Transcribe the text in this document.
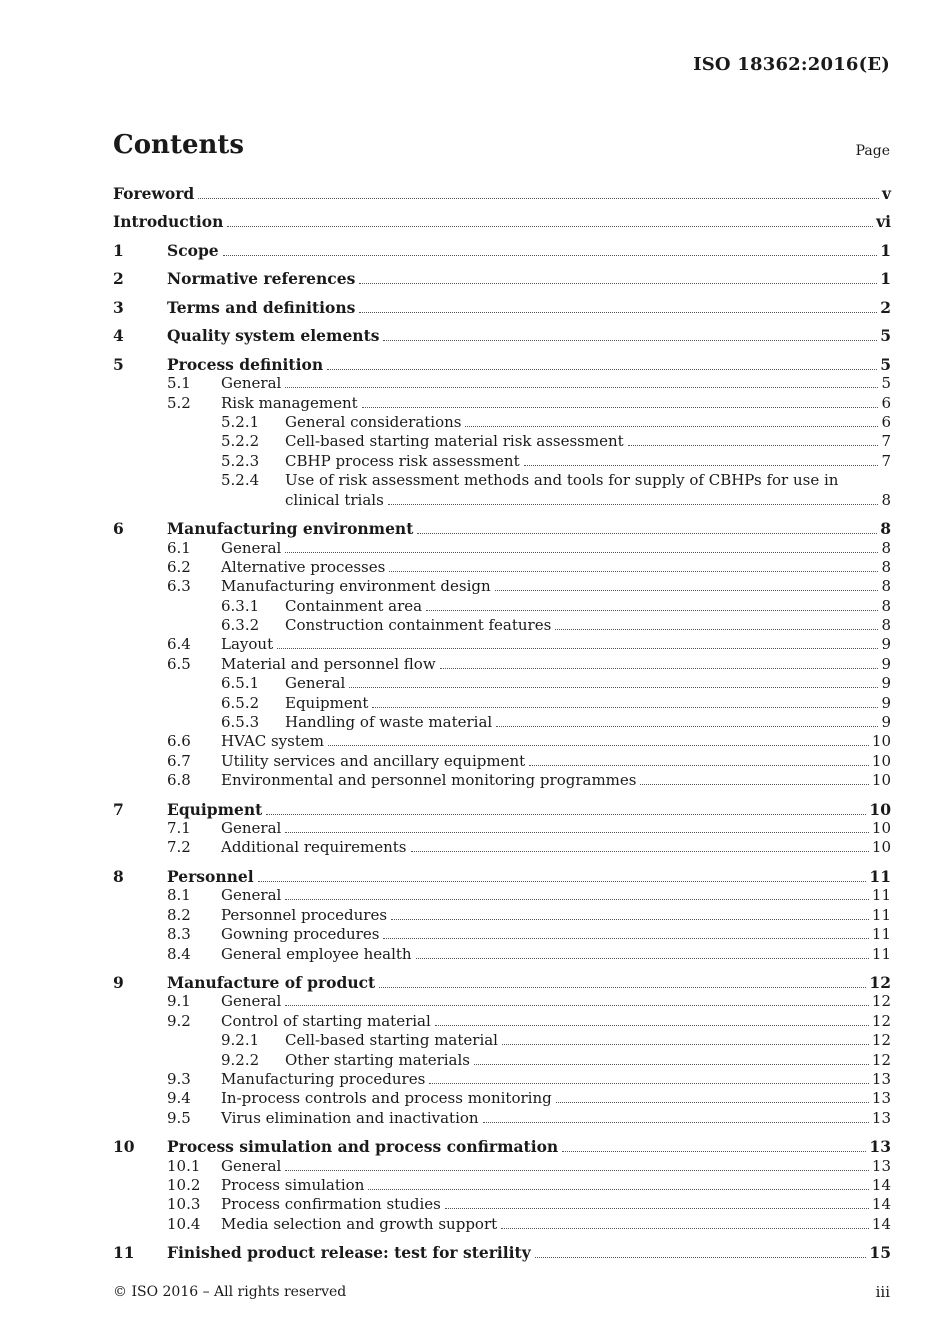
ISO 18362:2016(E)
Contents	Page
Foreword	v
Introduction	vi
1	Scope	1
2	Normative references	1
3	Terms and definitions	2
4	Quality system elements	5
5	Process definition	5
5.1 General	5
5.2 Risk management	6
5.2.1 General considerations	6
5.2.2 Cell-based starting material risk assessment	7
5.2.3 CBHP process risk assessment	7
5.2.4 Use of risk assessment methods and tools for supply of CBHPs for use in
clinical trials	8
6	Manufacturing environment	8
6.1 General	8
6.2 Alternative processes	8
6.3 Manufacturing environment design	8
6.3.1 Containment area	8
6.3.2 Construction containment features	8
6.4 Layout	9
6.5 Material and personnel flow	9
6.5.1 General	9
6.5.2 Equipment	9
6.5.3 Handling of waste material	9
6.6 HVAC system	10
6.7 Utility services and ancillary equipment	10
6.8 Environmental and personnel monitoring programmes	10
7	Equipment	10
7.1 General	10
7.2 Additional requirements	10
8	Personnel	11
8.1 General	11
8.2 Personnel procedures	11
8.3 Gowning procedures	11
8.4 General employee health	11
9	Manufacture of product	12
9.1 General	12
9.2 Control of starting material	12
9.2.1 Cell-based starting material	12
9.2.2 Other starting materials	12
9.3 Manufacturing procedures	13
9.4 In-process controls and process monitoring	13
9.5 Virus elimination and inactivation	13
10 Process simulation and process confirmation	13
10.1 General	13
10.2 Process simulation	14
10.3 Process confirmation studies	14
10.4 Media selection and growth support	14
11 Finished product release: test for sterility	15
© ISO 2016 – All rights reserved	iii
